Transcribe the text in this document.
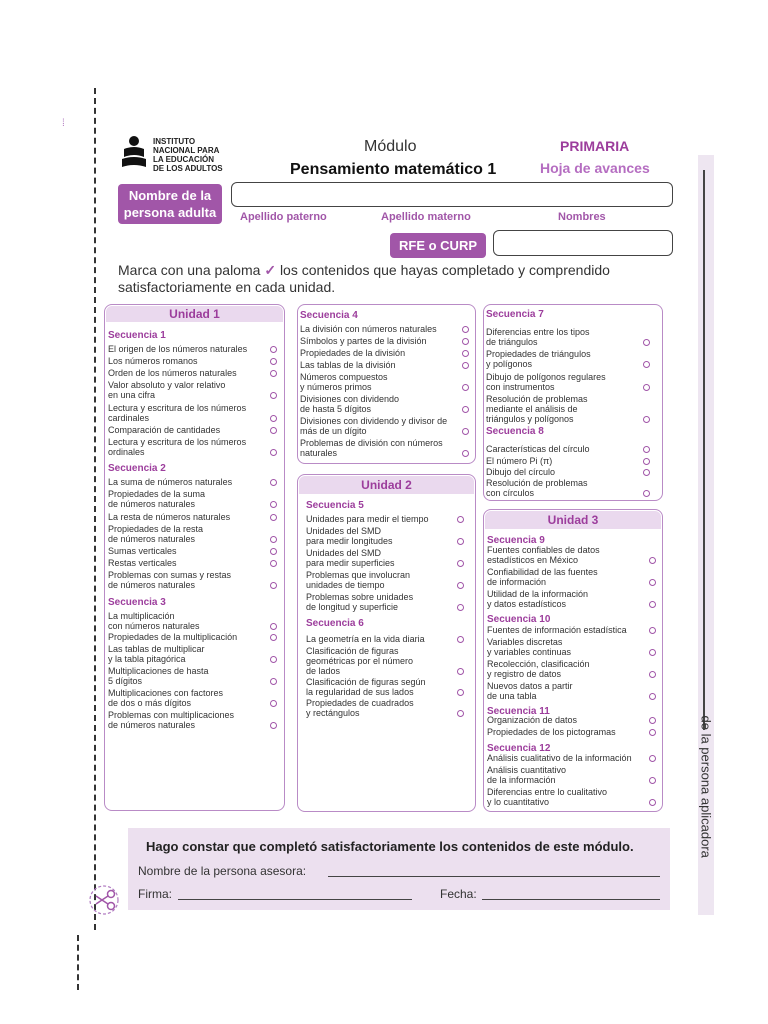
⁞
de la persona aplicadora
INSTITUTO
NACIONAL PARA
LA EDUCACIÓN
DE LOS ADULTOS
Módulo
Pensamiento matemático 1
PRIMARIA
Hoja de avances
Nombre de la
persona adulta	Apellido paterno	Apellido materno	Nombres
RFE o CURP
Marca con una paloma ✓ los contenidos que hayas completado y comprendido satisfactoriamente en cada unidad.
Unidad 1
Unidad 2
Unidad 3
Secuencia 1
El origen de los números naturales
Los números romanos
Orden de los números naturales
Valor absoluto y valor relativo
en una cifra
Lectura y escritura de los números
cardinales
Comparación de cantidades
Lectura y escritura de los números
ordinales
Secuencia 2
La suma de números naturales
Propiedades de la suma
de números naturales
La resta de números naturales
Propiedades de la resta
de números naturales
Sumas verticales
Restas verticales
Problemas con sumas y restas
de números naturales
Secuencia 3
La multiplicación
con números naturales
Propiedades de la multiplicación
Las tablas de multiplicar
y la tabla pitagórica
Multiplicaciones de hasta
5 dígitos
Multiplicaciones con factores
de dos o más dígitos
Problemas con multiplicaciones
de números naturales
Secuencia 4
La división con números naturales
Símbolos y partes de la división
Propiedades de la división
Las tablas de la división
Números compuestos
y números primos
Divisiones con dividendo
de hasta 5 dígitos
Divisiones con dividendo y divisor de
más de un dígito
Problemas de división con números
naturales
Secuencia 5
Unidades para medir el tiempo
Unidades del SMD
para medir longitudes
Unidades del SMD
para medir superficies
Problemas que involucran
unidades de tiempo
Problemas sobre unidades
de longitud y superficie
Secuencia 6
La geometría en la vida diaria
Clasificación de figuras
geométricas por el número
de lados
Clasificación de figuras según
la regularidad de sus lados
Propiedades de cuadrados
y rectángulos
Secuencia 7
Diferencias entre los tipos
de triángulos
Propiedades de triángulos
y polígonos
Dibujo de polígonos regulares
con instrumentos
Resolución de problemas
mediante el análisis de
triángulos y polígonos
Secuencia 8
Características del círculo
El número Pi (π)
Dibujo del círculo
Resolución de problemas
con círculos
Secuencia 9
Fuentes confiables de datos
estadísticos en México
Confiabilidad de las fuentes
de información
Utilidad de la información
y datos estadísticos
Secuencia 10
Fuentes de información estadística
Variables discretas
y variables continuas
Recolección, clasificación
y registro de datos
Nuevos datos a partir
de una tabla
Secuencia 11
Organización de datos
Propiedades de los pictogramas
Secuencia 12
Análisis cualitativo de la información
Análisis cuantitativo
de la información
Diferencias entre lo cualitativo
y lo cuantitativo
Hago constar que completó satisfactoriamente los contenidos de este módulo.
Nombre de la persona asesora:
Firma:	Fecha:
